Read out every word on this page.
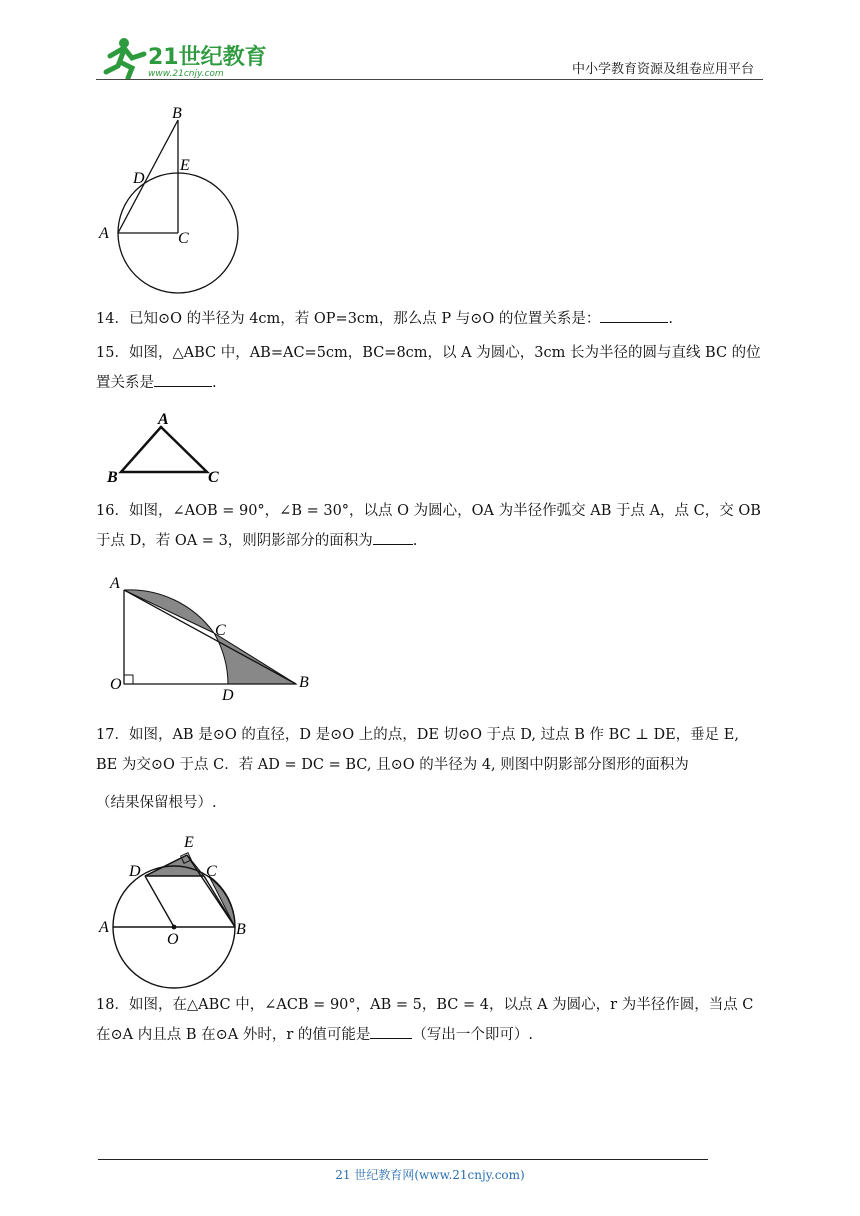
21世纪教育
www.21cnjy.com	中小学教育资源及组卷应用平台
B
E
D
A	C

14．已知⊙O 的半径为 4cm，若 OP=3cm，那么点 P 与⊙O 的位置关系是：	.

15．如图，△ABC 中，AB=AC=5cm，BC=8cm，以 A 为圆心，3cm 长为半径的圆与直线 BC 的位置关系是	.

A
B	C

16．如图，∠AOB = 90°，∠B = 30°，以点 O 为圆心，OA 为半径作弧交 AB 于点 A，点 C，交 OB 于点 D，若 OA = 3，则阴影部分的面积为	.

A
C
O
D
B

17．如图，AB 是⊙O 的直径，D 是⊙O 上的点，DE 切⊙O 于点 D, 过点 B 作 BC ⊥ DE，垂足 E, BE 为交⊙O 于点 C．若 AD = DC = BC, 且⊙O 的半径为 4, 则图中阴影部分图形的面积为

（结果保留根号）.

E
D	C
A
O
B

18．如图，在△ABC 中，∠ACB = 90°，AB = 5，BC = 4，以点 A 为圆心，r 为半径作圆，当点 C 在⊙A 内且点 B 在⊙A 外时，r 的值可能是	（写出一个即可）.

21 世纪教育网(www.21cnjy.com)
